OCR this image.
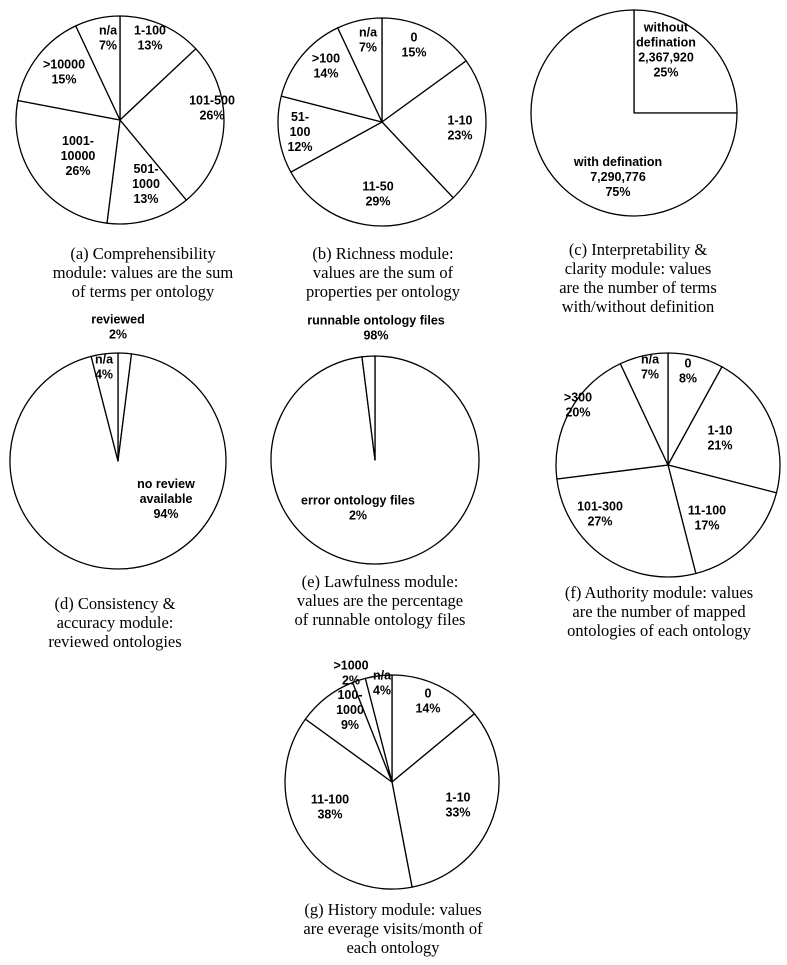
1-100 13%
101-500 26%
501-1000 13%
1001-10000 26%
>10000 15%
n/a 7%
0 15%
1-10 23%
11-50 29%
51-100 12%
>100 14%
n/a 7%
without defination 2,367,920 25%
with defination 7,290,776 75%
reviewed 2%
no review available 94%
n/a 4%
runnable ontology files 98%
error ontology files 2%
0 8%
1-10 21%
11-100 17%
101-300 27%
>300 20%
n/a 7%
0 14%
1-10 33%
11-100 38%
100-1000 9%
>1000 2%	n/a 4%
(a) Comprehensibility
module: values are the sum
of terms per ontology
(b) Richness module:
values are the sum of
properties per ontology
(c) Interpretability &
clarity module: values
are the number of terms
with/without definition
(d) Consistency &
accuracy module:
reviewed ontologies
(e) Lawfulness module:
values are the percentage
of runnable ontology files
(f) Authority module: values
are the number of mapped
ontologies of each ontology
(g) History module: values
are everage visits/month of
each ontology
